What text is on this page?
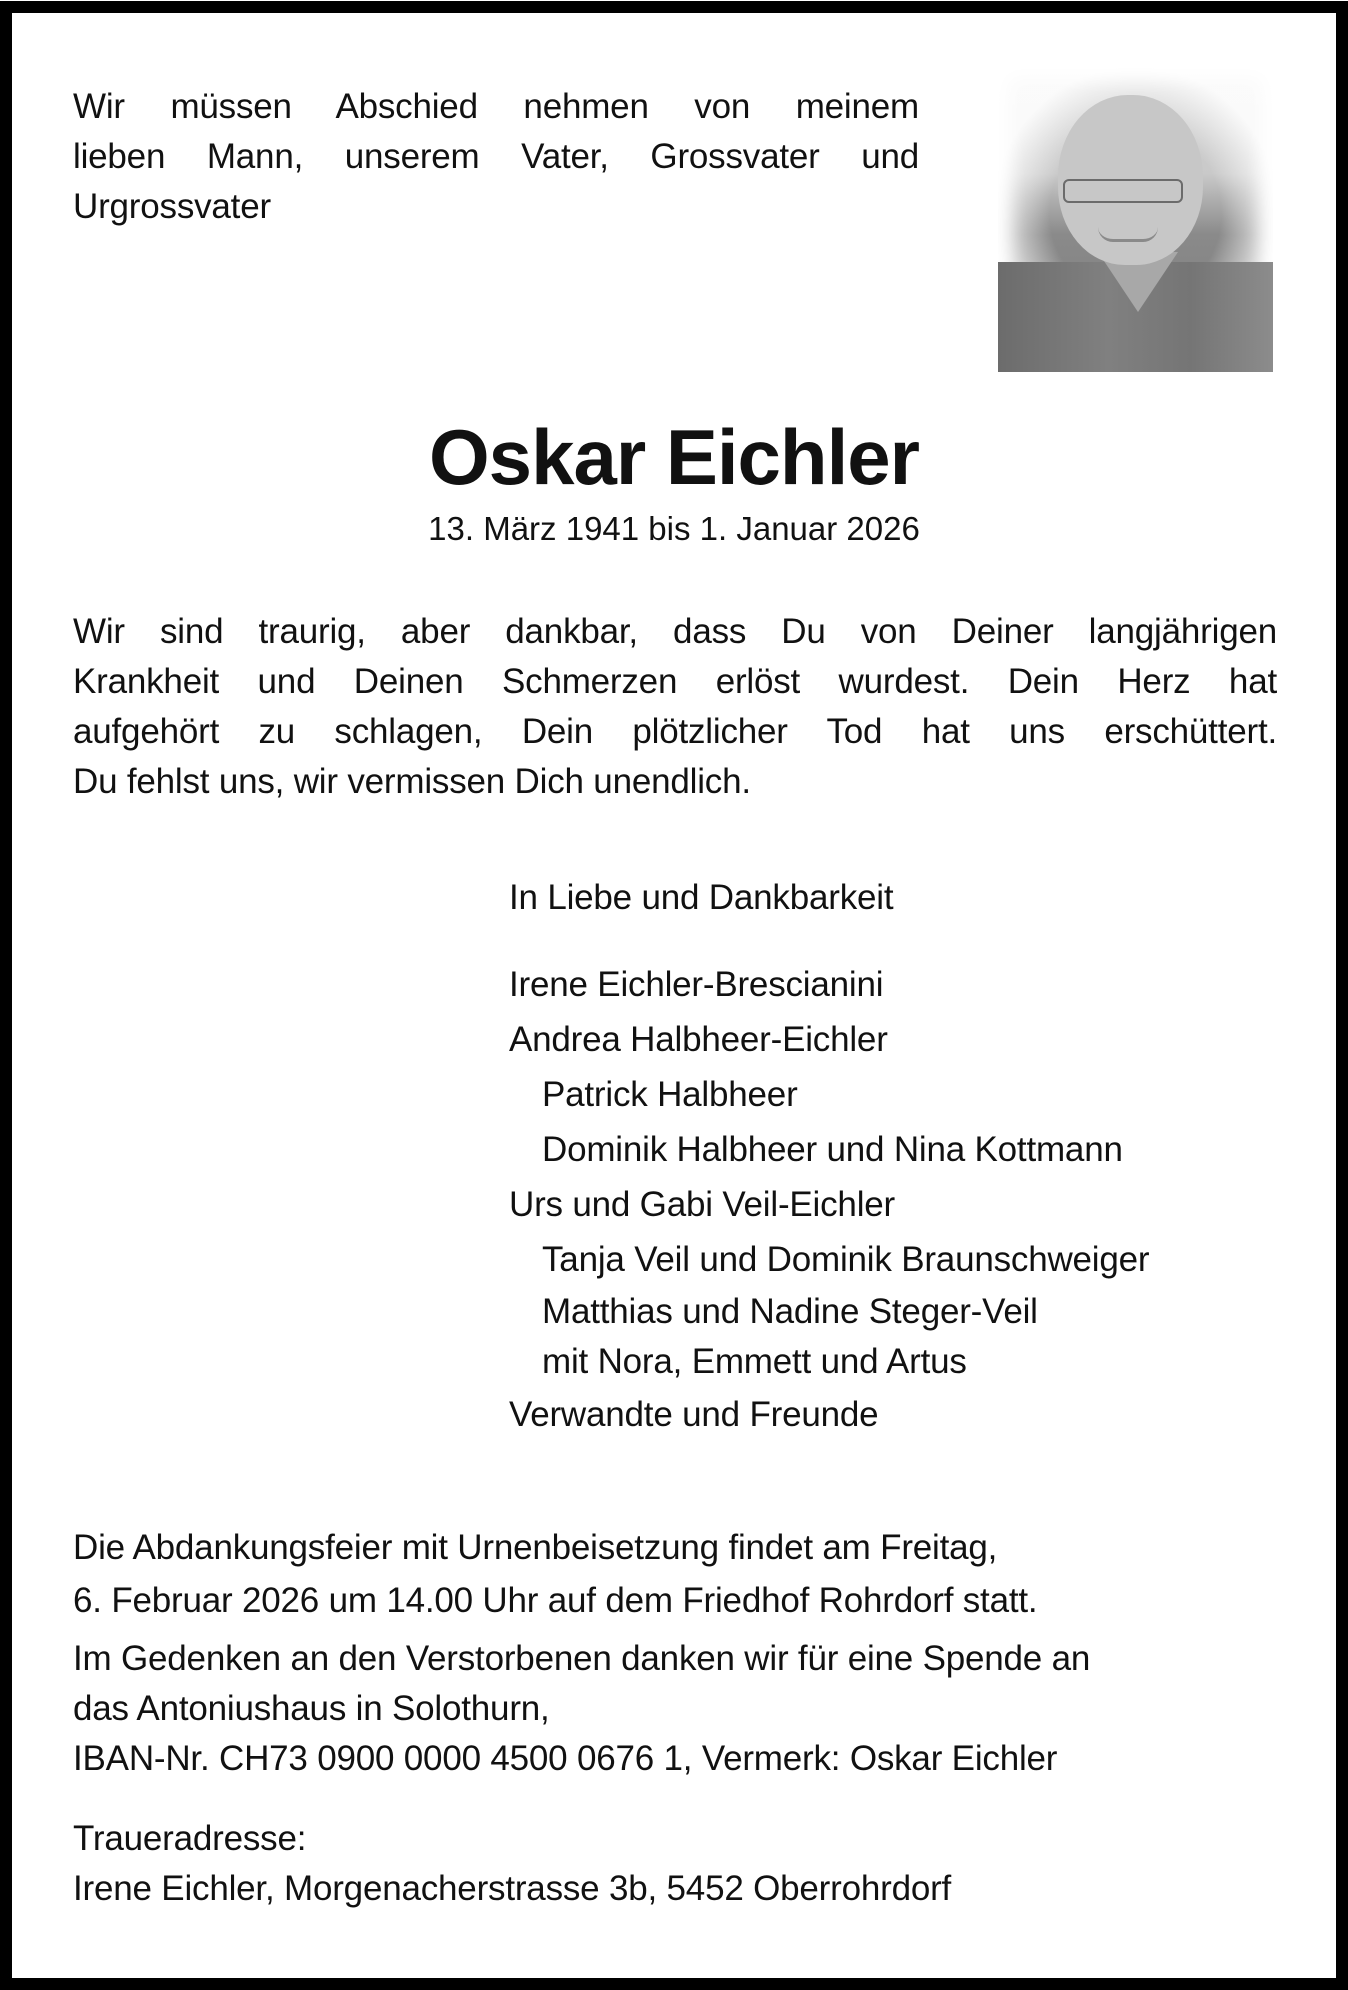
Wir müssen Abschied nehmen von meinem
lieben Mann, unserem Vater, Grossvater und
Urgrossvater
Oskar Eichler

13. März 1941 bis 1. Januar 2026

Wir sind traurig, aber dankbar, dass Du von Deiner langjährigen
Krankheit und Deinen Schmerzen erlöst wurdest. Dein Herz hat
aufgehört zu schlagen, Dein plötzlicher Tod hat uns erschüttert.
Du fehlst uns, wir vermissen Dich unendlich.
In Liebe und Dankbarkeit
Irene Eichler-Brescianini
Andrea Halbheer-Eichler
Patrick Halbheer
Dominik Halbheer und Nina Kottmann
Urs und Gabi Veil-Eichler
Tanja Veil und Dominik Braunschweiger
Matthias und Nadine Steger-Veil
mit Nora, Emmett und Artus
Verwandte und Freunde
Die Abdankungsfeier mit Urnenbeisetzung findet am Freitag,
6. Februar 2026 um 14.00 Uhr auf dem Friedhof Rohrdorf statt.
Im Gedenken an den Verstorbenen danken wir für eine Spende an
das Antoniushaus in Solothurn,
IBAN-Nr. CH73 0900 0000 4500 0676 1, Vermerk: Oskar Eichler
Traueradresse:
Irene Eichler, Morgenacherstrasse 3b, 5452 Oberrohrdorf
